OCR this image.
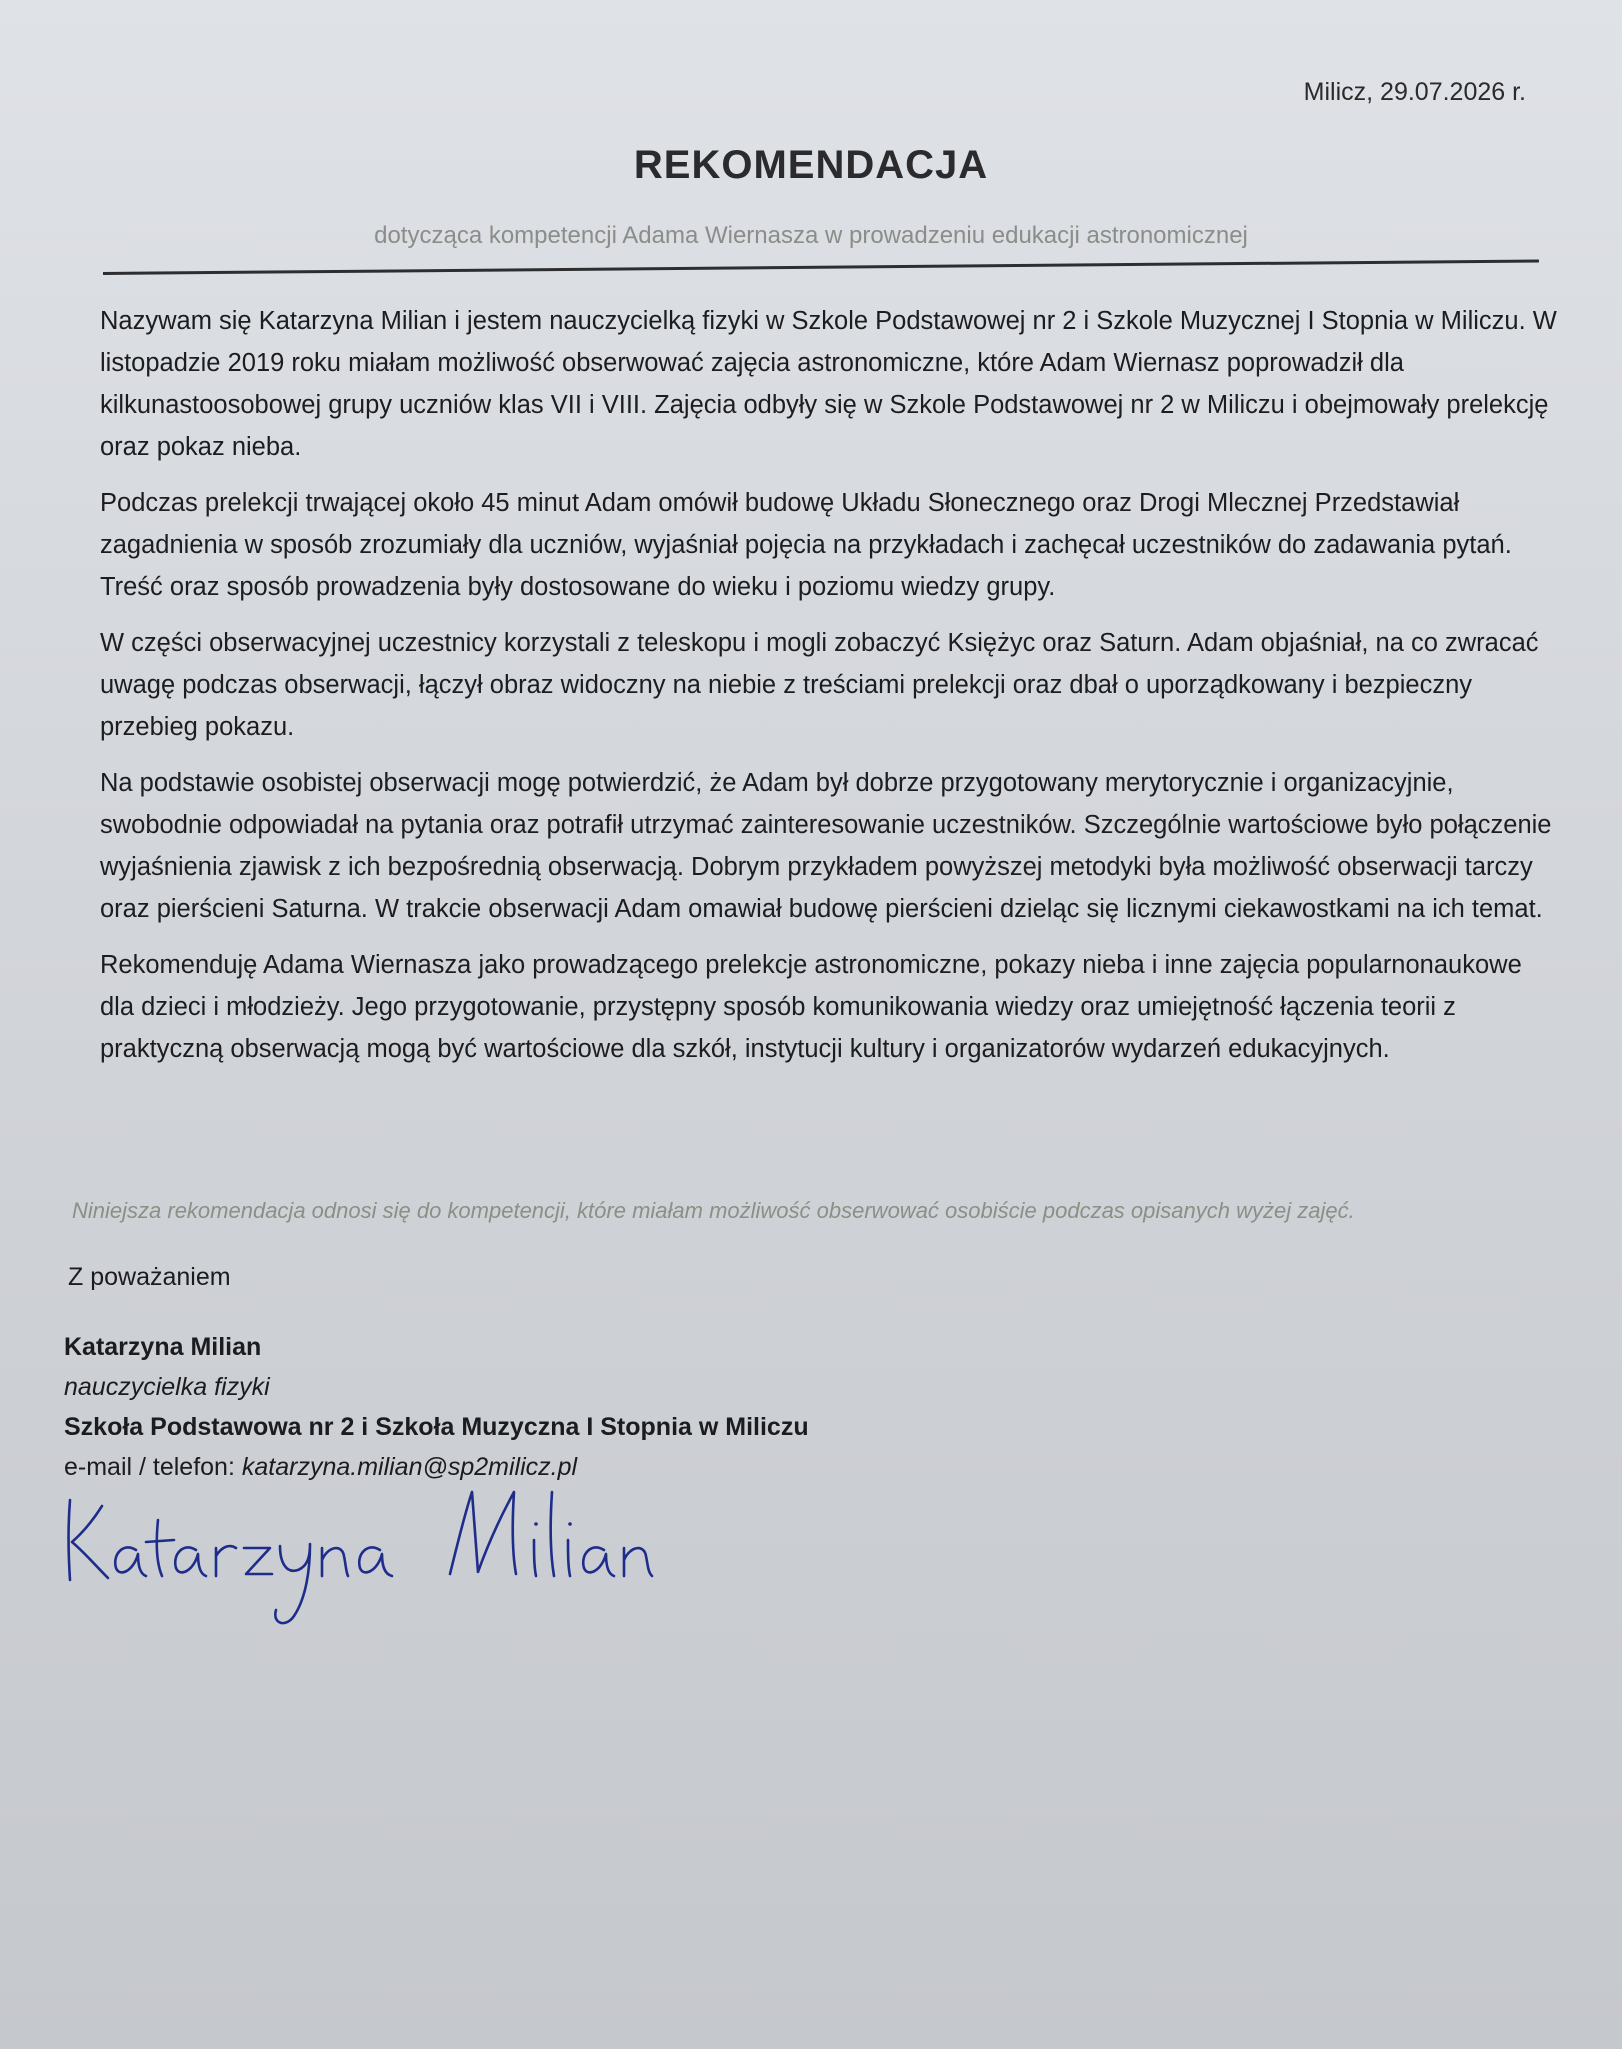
Milicz, 29.07.2026 r.
REKOMENDACJA
dotycząca kompetencji Adama Wiernasza w prowadzeniu edukacji astronomicznej

Nazywam się Katarzyna Milian i jestem nauczycielką fizyki w Szkole Podstawowej nr 2 i Szkole Muzycznej I Stopnia w Miliczu. W listopadzie 2019 roku miałam możliwość obserwować zajęcia astronomiczne, które Adam Wiernasz poprowadził dla kilkunastoosobowej grupy uczniów klas VII i VIII. Zajęcia odbyły się w Szkole Podstawowej nr 2 w Miliczu i obejmowały prelekcję oraz pokaz nieba.

Podczas prelekcji trwającej około 45 minut Adam omówił budowę Układu Słonecznego oraz Drogi Mlecznej Przedstawiał zagadnienia w sposób zrozumiały dla uczniów, wyjaśniał pojęcia na przykładach i zachęcał uczestników do zadawania pytań. Treść oraz sposób prowadzenia były dostosowane do wieku i poziomu wiedzy grupy.

W części obserwacyjnej uczestnicy korzystali z teleskopu i mogli zobaczyć Księżyc oraz Saturn. Adam objaśniał, na co zwracać uwagę podczas obserwacji, łączył obraz widoczny na niebie z treściami prelekcji oraz dbał o uporządkowany i bezpieczny przebieg pokazu.

Na podstawie osobistej obserwacji mogę potwierdzić, że Adam był dobrze przygotowany merytorycznie i organizacyjnie, swobodnie odpowiadał na pytania oraz potrafił utrzymać zainteresowanie uczestników. Szczególnie wartościowe było połączenie wyjaśnienia zjawisk z ich bezpośrednią obserwacją. Dobrym przykładem powyższej metodyki była możliwość obserwacji tarczy oraz pierścieni Saturna. W trakcie obserwacji Adam omawiał budowę pierścieni dzieląc się licznymi ciekawostkami na ich temat.

Rekomenduję Adama Wiernasza jako prowadzącego prelekcje astronomiczne, pokazy nieba i inne zajęcia popularnonaukowe dla dzieci i młodzieży. Jego przygotowanie, przystępny sposób komunikowania wiedzy oraz umiejętność łączenia teorii z praktyczną obserwacją mogą być wartościowe dla szkół, instytucji kultury i organizatorów wydarzeń edukacyjnych.

Niniejsza rekomendacja odnosi się do kompetencji, które miałam możliwość obserwować osobiście podczas opisanych wyżej zajęć.
Z poważaniem
Katarzyna Milian
nauczycielka fizyki
Szkoła Podstawowa nr 2 i Szkoła Muzyczna I Stopnia w Miliczu
e-mail / telefon: katarzyna.milian@sp2milicz.pl
